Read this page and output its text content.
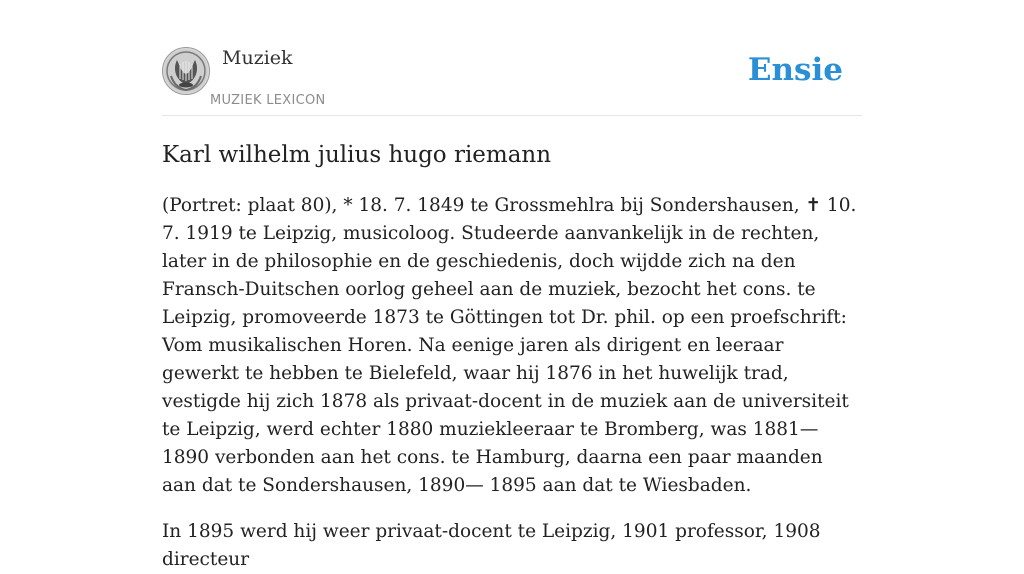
Muziek
MUZIEK LEXICON
Ensie
Karl wilhelm julius hugo riemann

(Portret: plaat 80), * 18. 7. 1849 te Grossmehlra bij Sondershausen, ✝ 10. 7. 1919 te Leipzig, musicoloog. Studeerde aanvankelijk in de rechten, later in de philosophie en de geschiedenis, doch wijdde zich na den Fransch-Duitschen oorlog geheel aan de muziek, bezocht het cons. te Leipzig, promoveerde 1873 te Göttingen tot Dr. phil. op een proefschrift: Vom musikalischen Horen. Na eenige jaren als dirigent en leeraar gewerkt te hebben te Bielefeld, waar hij 1876 in het huwelijk trad, vestigde hij zich 1878 als privaat-docent in de muziek aan de universiteit te Leipzig, werd echter 1880 muziekleeraar te Bromberg, was 1881—1890 verbonden aan het cons. te Hamburg, daarna een paar maanden aan dat te Sondershausen, 1890— 1895 aan dat te Wiesbaden.

In 1895 werd hij weer privaat-docent te Leipzig, 1901 professor, 1908 directeur
